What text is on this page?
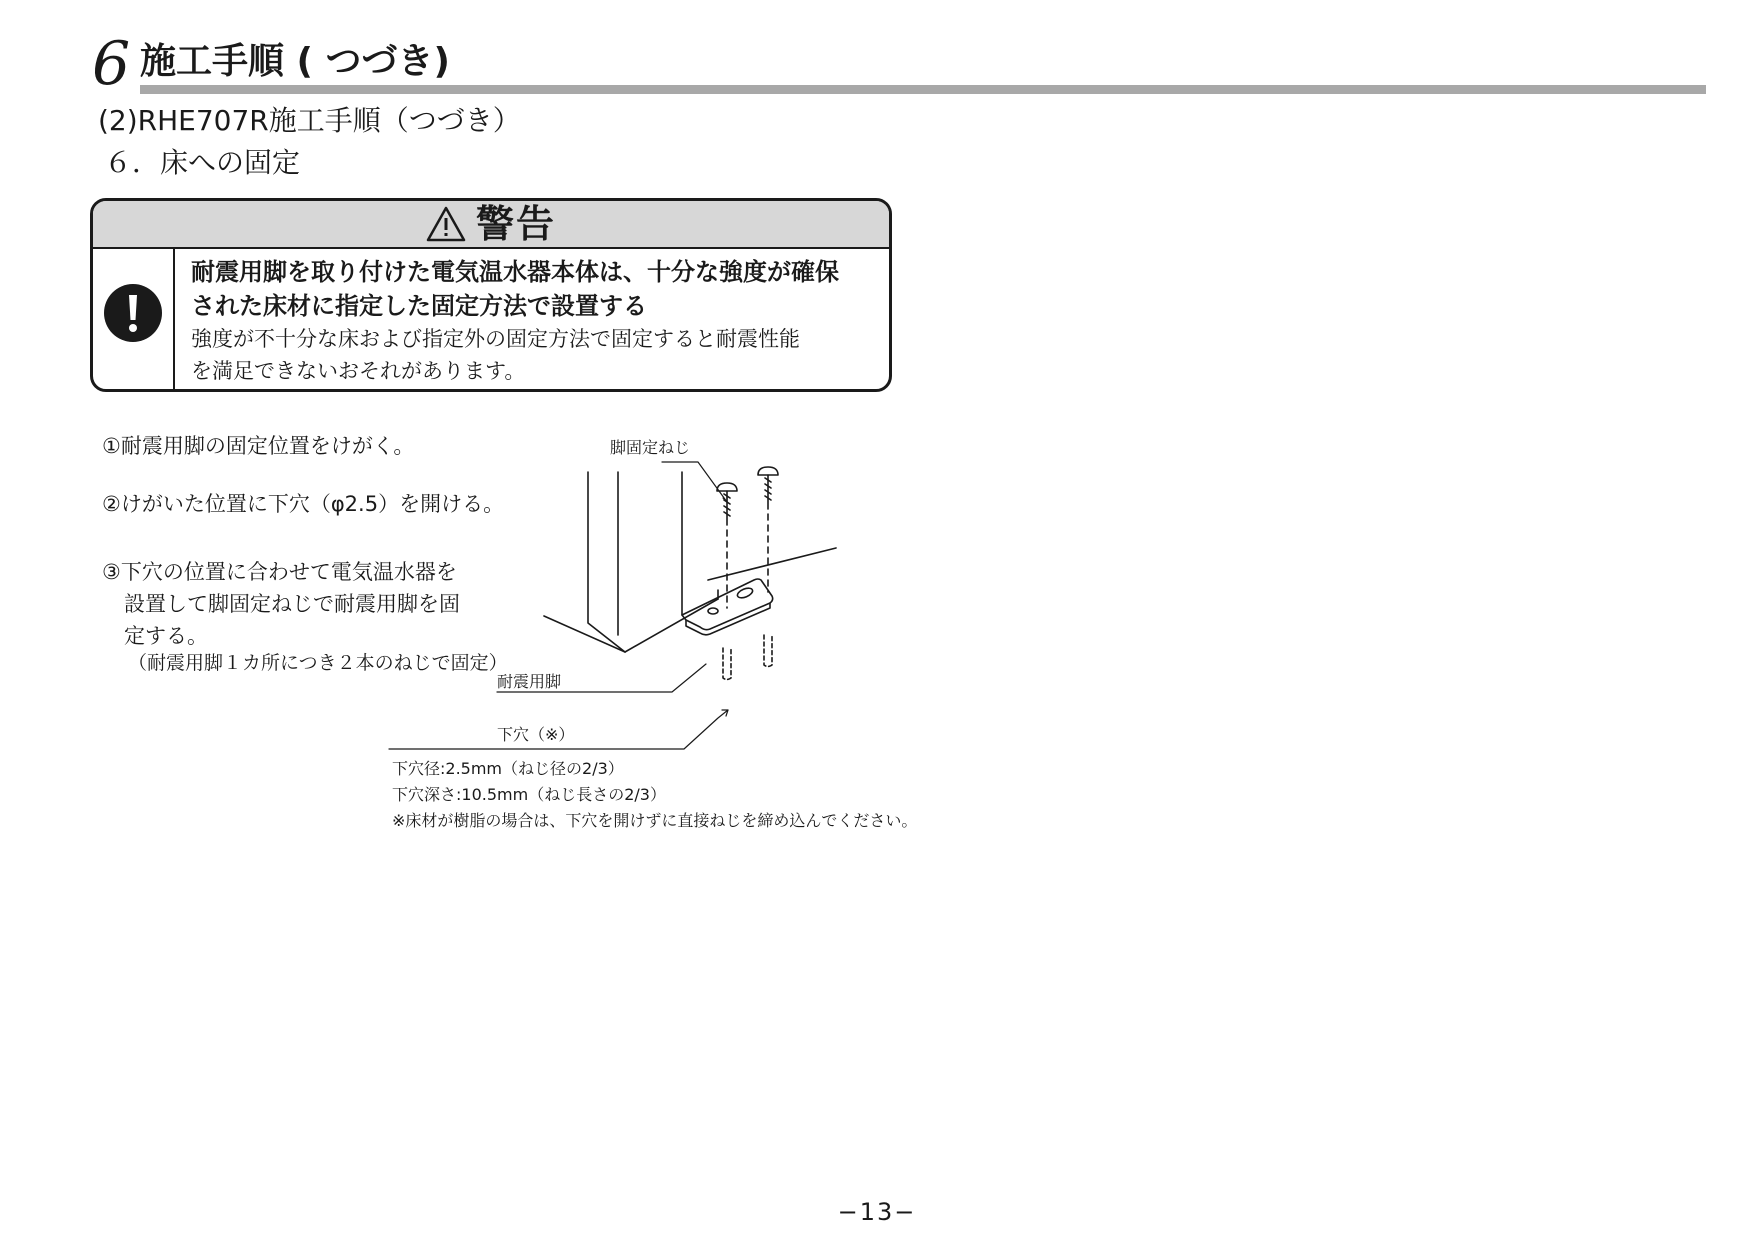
6 施工手順 ( つづき)
(2)RHE707R施工手順（つづき）
６．床への固定
警告
耐震用脚を取り付けた電気温水器本体は、十分な強度が確保
された床材に指定した固定方法で設置する
強度が不十分な床および指定外の固定方法で固定すると耐震性能
を満足できないおそれがあります。
①耐震用脚の固定位置をけがく。
②けがいた位置に下穴（φ2.5）を開ける。
③下穴の位置に合わせて電気温水器を
設置して脚固定ねじで耐震用脚を固
定する。
（耐震用脚１カ所につき２本のねじで固定）
脚固定ねじ
耐震用脚
下穴（※）
下穴径:2.5mm（ねじ径の2/3）
下穴深さ:10.5mm（ねじ長さの2/3）
※床材が樹脂の場合は、下穴を開けずに直接ねじを締め込んでください。
−13−
